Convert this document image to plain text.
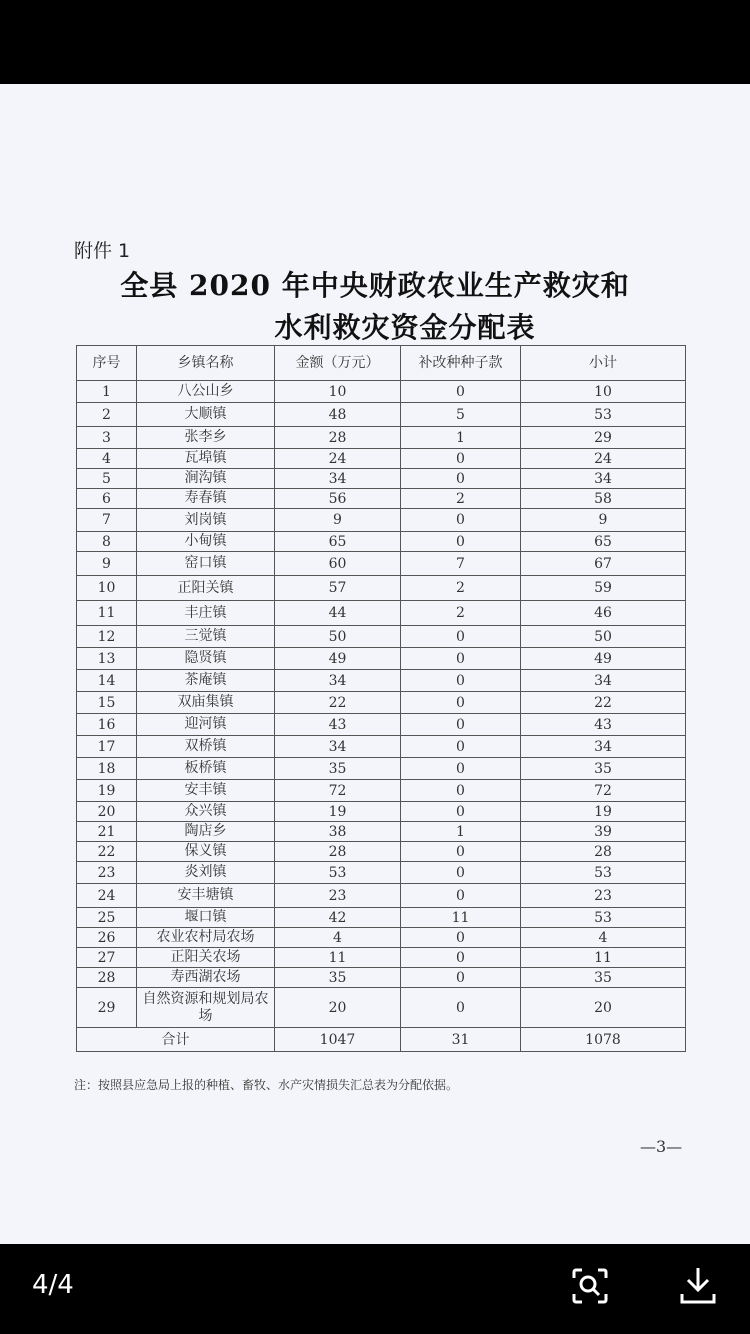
附件 1
全县 2020 年中央财政农业生产救灾和
水利救灾资金分配表
序号	乡镇名称	金额（万元）	补改种种子款	小计
1	八公山乡	10	0	10
2	大顺镇	48	5	53
3	张李乡	28	1	29
4	瓦埠镇	24	0	24
5	涧沟镇	34	0	34
6	寿春镇	56	2	58
7	刘岗镇	9	0	9
8	小甸镇	65	0	65
9	窑口镇	60	7	67
10	正阳关镇	57	2	59
11	丰庄镇	44	2	46
12	三觉镇	50	0	50
13	隐贤镇	49	0	49
14	茶庵镇	34	0	34
15	双庙集镇	22	0	22
16	迎河镇	43	0	43
17	双桥镇	34	0	34
18	板桥镇	35	0	35
19	安丰镇	72	0	72
20	众兴镇	19	0	19
21	陶店乡	38	1	39
22	保义镇	28	0	28
23	炎刘镇	53	0	53
24	安丰塘镇	23	0	23
25	堰口镇	42	11	53
26	农业农村局农场	4	0	4
27	正阳关农场	11	0	11
28	寿西湖农场	35	0	35
29	自然资源和规划局农场	20	0	20
合计		1047	31	1078
注：按照县应急局上报的种植、畜牧、水产灾情损失汇总表为分配依据。
—3—
4/4
